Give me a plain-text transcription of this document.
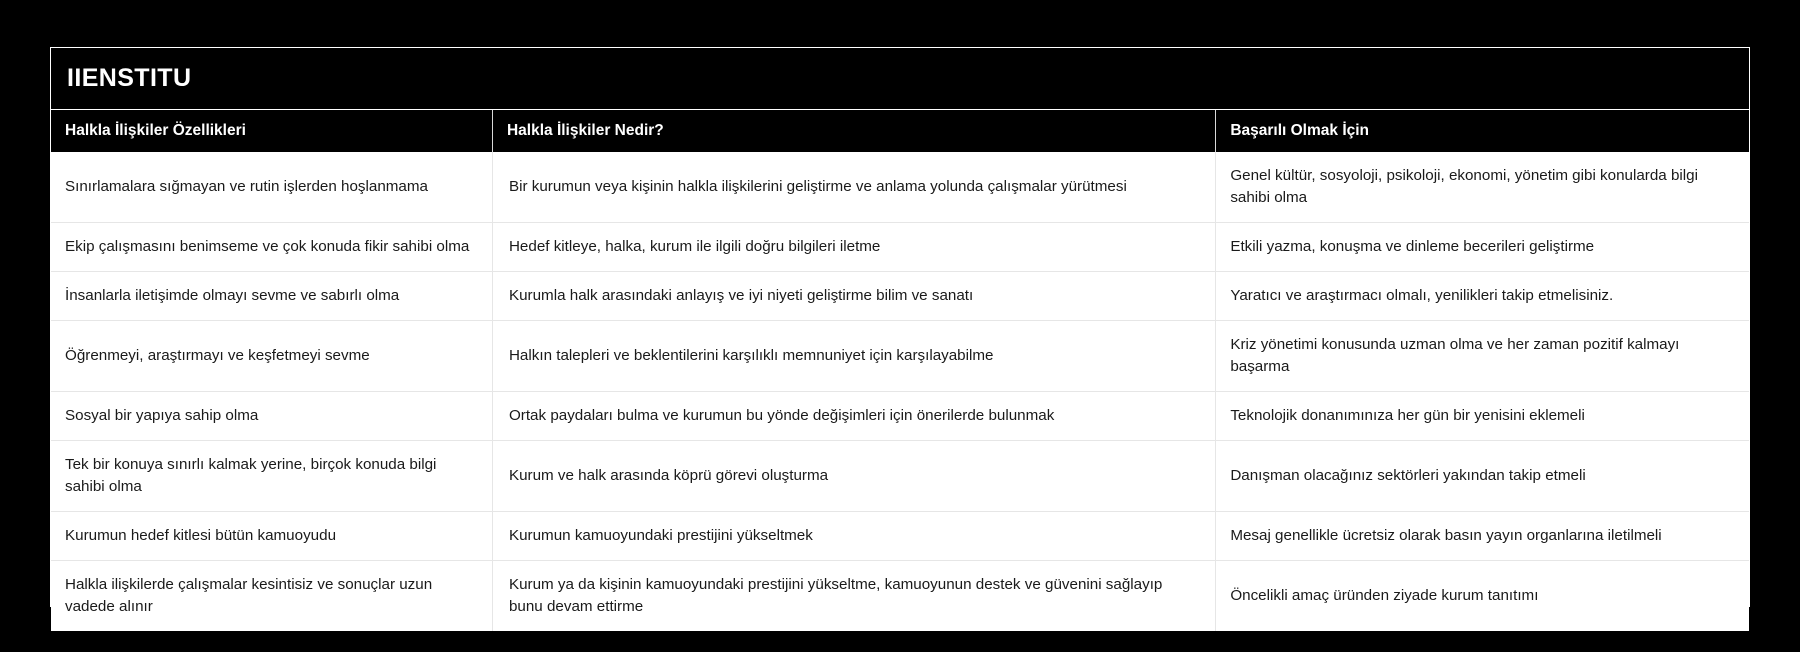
IIENSTITU
Halkla İlişkiler Özellikleri	Halkla İlişkiler Nedir?	Başarılı Olmak İçin
Sınırlamalara sığmayan ve rutin işlerden hoşlanmama	Bir kurumun veya kişinin halkla ilişkilerini geliştirme ve anlama yolunda çalışmalar yürütmesi	Genel kültür, sosyoloji, psikoloji, ekonomi, yönetim gibi konularda bilgi sahibi olma
Ekip çalışmasını benimseme ve çok konuda fikir sahibi olma	Hedef kitleye, halka, kurum ile ilgili doğru bilgileri iletme	Etkili yazma, konuşma ve dinleme becerileri geliştirme
İnsanlarla iletişimde olmayı sevme ve sabırlı olma	Kurumla halk arasındaki anlayış ve iyi niyeti geliştirme bilim ve sanatı	Yaratıcı ve araştırmacı olmalı, yenilikleri takip etmelisiniz.
Öğrenmeyi, araştırmayı ve keşfetmeyi sevme	Halkın talepleri ve beklentilerini karşılıklı memnuniyet için karşılayabilme	Kriz yönetimi konusunda uzman olma ve her zaman pozitif kalmayı başarma
Sosyal bir yapıya sahip olma	Ortak paydaları bulma ve kurumun bu yönde değişimleri için önerilerde bulunmak	Teknolojik donanımınıza her gün bir yenisini eklemeli
Tek bir konuya sınırlı kalmak yerine, birçok konuda bilgi sahibi olma	Kurum ve halk arasında köprü görevi oluşturma	Danışman olacağınız sektörleri yakından takip etmeli
Kurumun hedef kitlesi bütün kamuoyudu	Kurumun kamuoyundaki prestijini yükseltmek	Mesaj genellikle ücretsiz olarak basın yayın organlarına iletilmeli
Halkla ilişkilerde çalışmalar kesintisiz ve sonuçlar uzun vadede alınır	Kurum ya da kişinin kamuoyundaki prestijini yükseltme, kamuoyunun destek ve güvenini sağlayıp bunu devam ettirme	Öncelikli amaç üründen ziyade kurum tanıtımı
